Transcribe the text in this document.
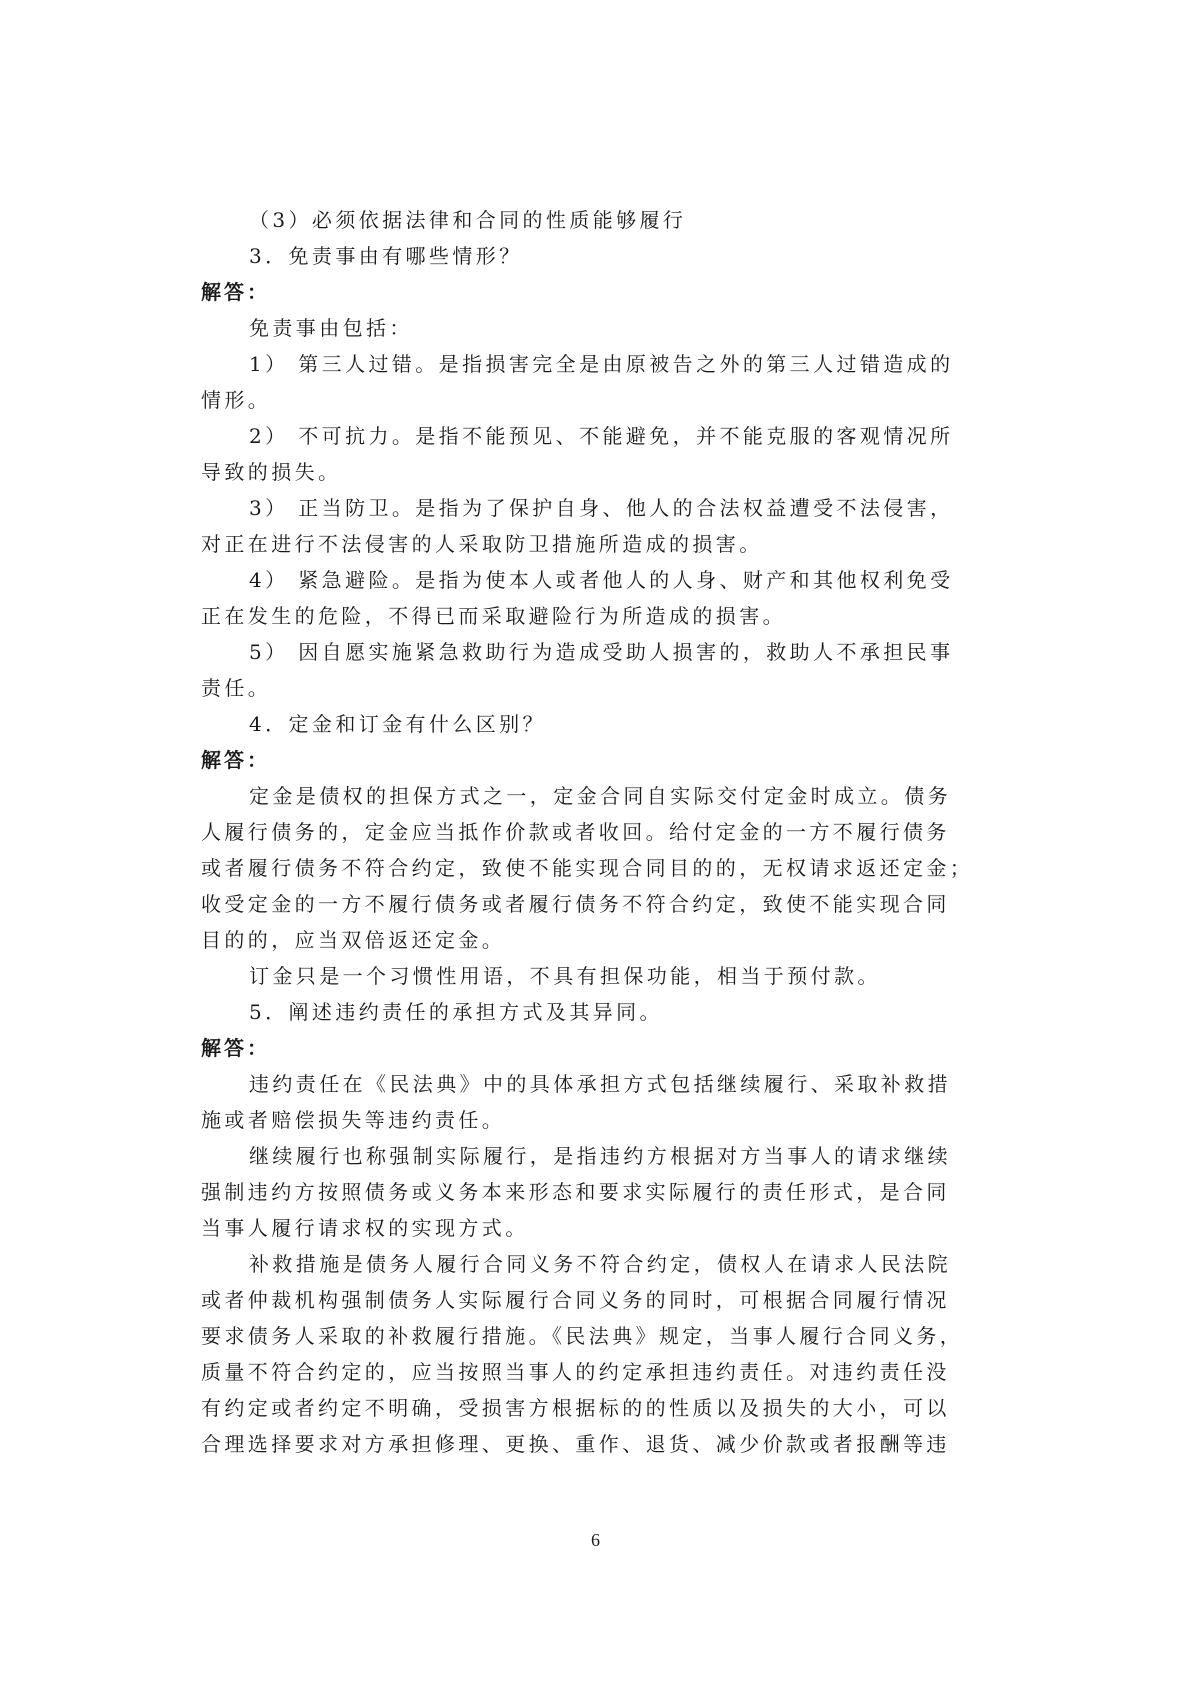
（3）必须依据法律和合同的性质能够履行

3．免责事由有哪些情形？

解答：

免责事由包括：

1） 第三人过错。是指损害完全是由原被告之外的第三人过错造成的

情形。

2） 不可抗力。是指不能预见、不能避免，并不能克服的客观情况所

导致的损失。

3） 正当防卫。是指为了保护自身、他人的合法权益遭受不法侵害，

对正在进行不法侵害的人采取防卫措施所造成的损害。

4） 紧急避险。是指为使本人或者他人的人身、财产和其他权利免受

正在发生的危险，不得已而采取避险行为所造成的损害。

5） 因自愿实施紧急救助行为造成受助人损害的，救助人不承担民事

责任。

4．定金和订金有什么区别？

解答：

定金是债权的担保方式之一，定金合同自实际交付定金时成立。债务

人履行债务的，定金应当抵作价款或者收回。给付定金的一方不履行债务

或者履行债务不符合约定，致使不能实现合同目的的，无权请求返还定金；

收受定金的一方不履行债务或者履行债务不符合约定，致使不能实现合同

目的的，应当双倍返还定金。

订金只是一个习惯性用语，不具有担保功能，相当于预付款。

5．阐述违约责任的承担方式及其异同。

解答：

违约责任在《民法典》中的具体承担方式包括继续履行、采取补救措

施或者赔偿损失等违约责任。

继续履行也称强制实际履行，是指违约方根据对方当事人的请求继续

强制违约方按照债务或义务本来形态和要求实际履行的责任形式，是合同

当事人履行请求权的实现方式。

补救措施是债务人履行合同义务不符合约定，债权人在请求人民法院

或者仲裁机构强制债务人实际履行合同义务的同时，可根据合同履行情况

要求债务人采取的补救履行措施。《民法典》规定，当事人履行合同义务，

质量不符合约定的，应当按照当事人的约定承担违约责任。对违约责任没

有约定或者约定不明确，受损害方根据标的的性质以及损失的大小，可以

合理选择要求对方承担修理、更换、重作、退货、减少价款或者报酬等违

6
